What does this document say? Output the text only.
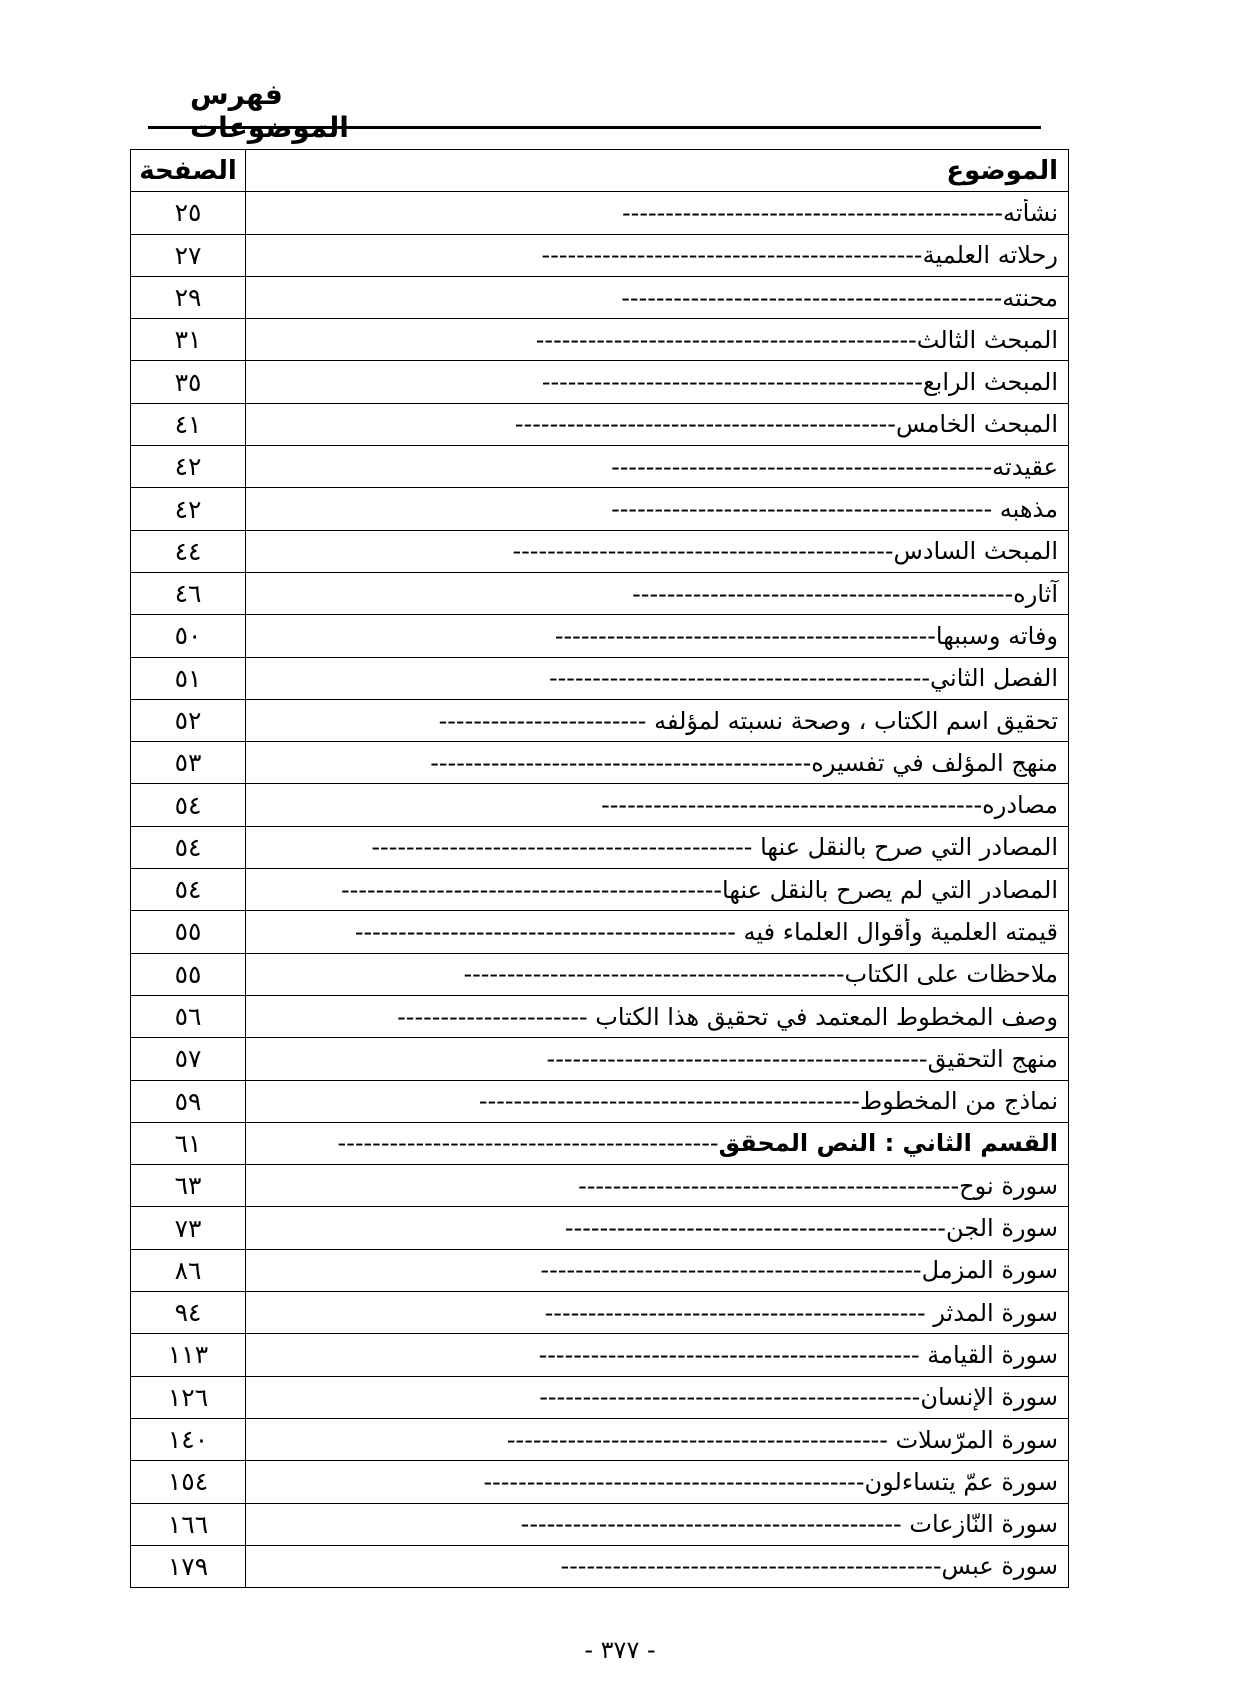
فهرس الموضوعات
الموضوع	الصفحة

نشأته--------------------------------------------	٢٥

رحلاته العلمية--------------------------------------------	٢٧

محنته--------------------------------------------	٢٩

المبحث الثالث--------------------------------------------	٣١

المبحث الرابع--------------------------------------------	٣٥

المبحث الخامس--------------------------------------------	٤١

عقيدته--------------------------------------------	٤٢

مذهبه --------------------------------------------	٤٢

المبحث السادس--------------------------------------------	٤٤

آثاره--------------------------------------------	٤٦

وفاته وسببها--------------------------------------------	٥٠

الفصل الثاني--------------------------------------------	٥١

تحقيق اسم الكتاب ، وصحة نسبته لمؤلفه ------------------------	٥٢

منهج المؤلف في تفسيره--------------------------------------------	٥٣

مصادره--------------------------------------------	٥٤

المصادر التي صرح بالنقل عنها --------------------------------------------	٥٤

المصادر التي لم يصرح بالنقل عنها--------------------------------------------	٥٤

قيمته العلمية وأقوال العلماء فيه --------------------------------------------	٥٥

ملاحظات على الكتاب--------------------------------------------	٥٥

وصف المخطوط المعتمد في تحقيق هذا الكتاب ----------------------	٥٦

منهج التحقيق--------------------------------------------	٥٧

نماذج من المخطوط--------------------------------------------	٥٩

القسم الثاني : النص المحقق--------------------------------------------	٦١

سورة نوح--------------------------------------------	٦٣

سورة الجن--------------------------------------------	٧٣

سورة المزمل--------------------------------------------	٨٦

سورة المدثر --------------------------------------------	٩٤

سورة القيامة --------------------------------------------	١١٣

سورة الإنسان--------------------------------------------	١٢٦

سورة المرّسلات --------------------------------------------	١٤٠

سورة عمّ يتساءلون--------------------------------------------	١٥٤

سورة النّازعات --------------------------------------------	١٦٦

سورة عبس--------------------------------------------	١٧٩
- ٣٧٧ -
